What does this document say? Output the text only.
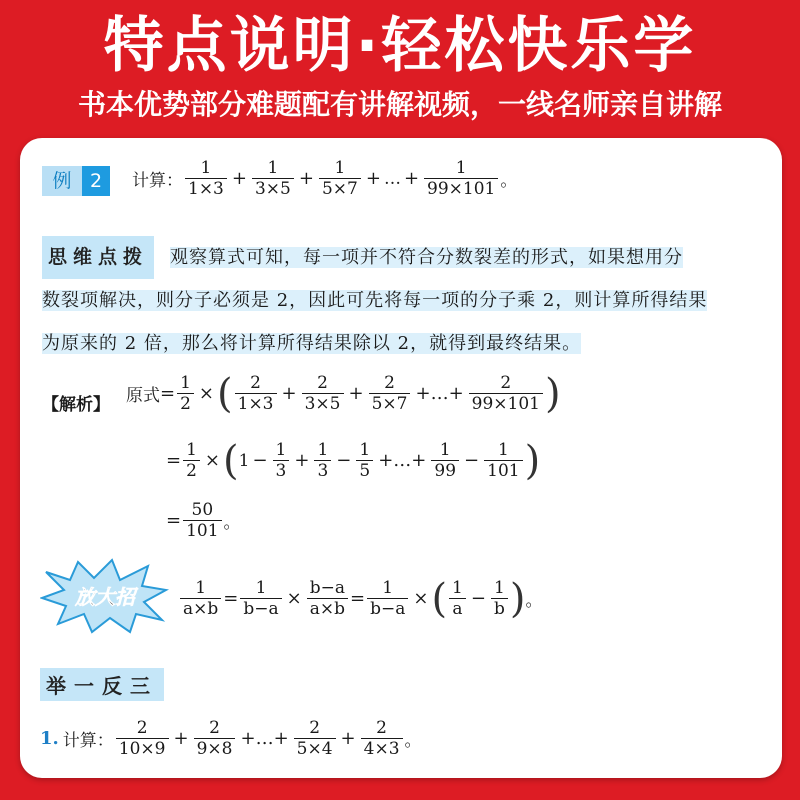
特点说明·轻松快乐学
书本优势部分难题配有讲解视频，一线名师亲自讲解
例 2	计算： $\frac{1}{1\times 3} + \frac{1}{3\times 5} + \frac{1}{5\times 7}$ + … + $\frac{1}{99\times 101}$ 。
思维点拨 观察算式可知，每一项并不符合分数裂差的形式，如果想用分
数裂项解决，则分子必须是 2，因此可先将每一项的分子乘 2，则计算所得结果
为原来的 2 倍，那么将计算所得结果除以 2，就得到最终结果。
【解析】 原式 = $\frac{1}{2}$ × ( $\frac{2}{1\times 3} + \frac{2}{3\times 5} + \frac{2}{5\times 7}$ +…+ $\frac{2}{99\times 101}$ )
= $\frac{1}{2}$ × ( $1 - \frac{1}{3} + \frac{1}{3} - \frac{1}{5}$ +…+ $\frac{1}{99} - \frac{1}{101}$ )
= $\frac{50}{101}$ 。
放大招	$\frac{1}{a\times b} = \frac{1}{b-a} \times \frac{b-a}{a\times b} = \frac{1}{b-a}$ × ( $\frac{1}{a} - \frac{1}{b}$ ) 。
举一反三
1. 计算： $\frac{2}{10\times 9} + \frac{2}{9\times 8}$ +…+ $\frac{2}{5\times 4} + \frac{2}{4\times 3}$ 。
